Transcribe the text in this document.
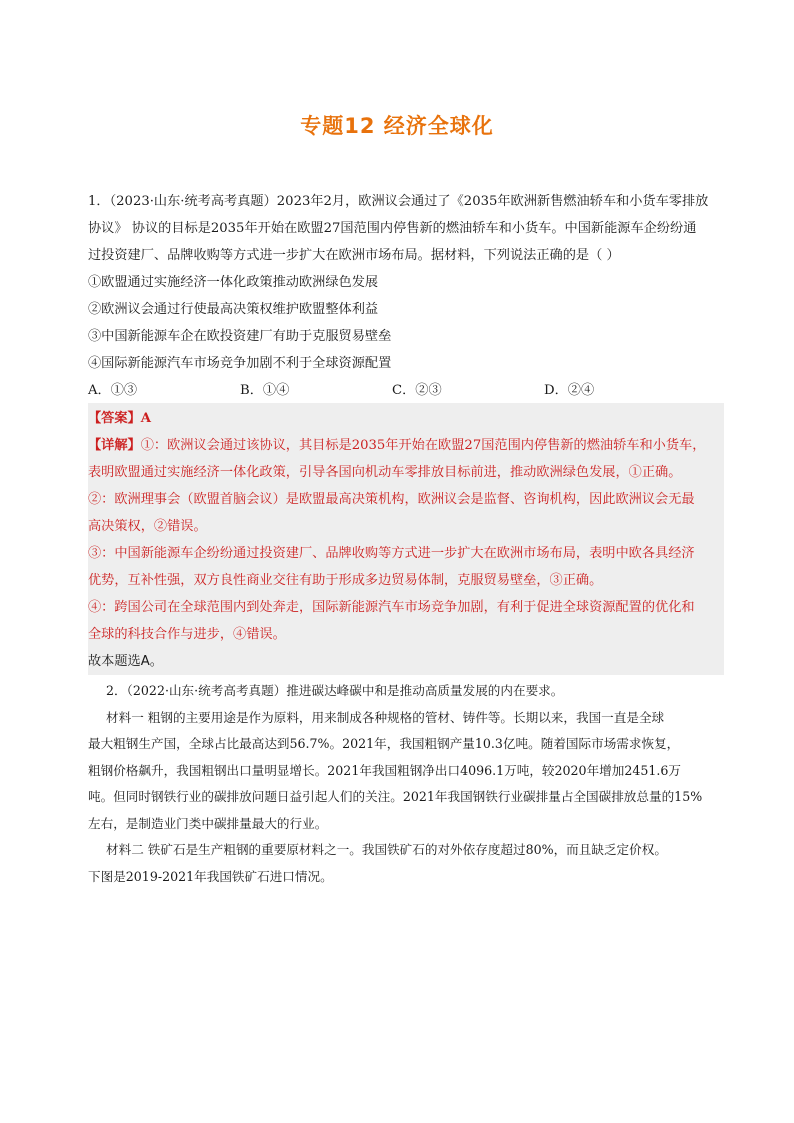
专题12 经济全球化
1．（2023·山东·统考高考真题）2023年2月，欧洲议会通过了《2035年欧洲新售燃油轿车和小货车零排放
协议》 协议的目标是2035年开始在欧盟27国范围内停售新的燃油轿车和小货车。中国新能源车企纷纷通
过投资建厂、品牌收购等方式进一步扩大在欧洲市场布局。据材料，下列说法正确的是（ ）
①欧盟通过实施经济一体化政策推动欧洲绿色发展
②欧洲议会通过行使最高决策权维护欧盟整体利益
③中国新能源车企在欧投资建厂有助于克服贸易壁垒
④国际新能源汽车市场竞争加剧不利于全球资源配置
A．①③	B．①④	C．②③	D．②④
【答案】A
【详解】①：欧洲议会通过该协议，其目标是2035年开始在欧盟27国范围内停售新的燃油轿车和小货车，
表明欧盟通过实施经济一体化政策，引导各国向机动车零排放目标前进，推动欧洲绿色发展，①正确。
②：欧洲理事会（欧盟首脑会议）是欧盟最高决策机构，欧洲议会是监督、咨询机构，因此欧洲议会无最
高决策权，②错误。
③：中国新能源车企纷纷通过投资建厂、品牌收购等方式进一步扩大在欧洲市场布局，表明中欧各具经济
优势，互补性强，双方良性商业交往有助于形成多边贸易体制，克服贸易壁垒，③正确。
④：跨国公司在全球范围内到处奔走，国际新能源汽车市场竞争加剧，有利于促进全球资源配置的优化和
全球的科技合作与进步，④错误。
故本题选A。
2．（2022·山东·统考高考真题）推进碳达峰碳中和是推动高质量发展的内在要求。
材料一 粗钢的主要用途是作为原料，用来制成各种规格的管材、铸件等。长期以来，我国一直是全球
最大粗钢生产国，全球占比最高达到56.7%。2021年，我国粗钢产量10.3亿吨。随着国际市场需求恢复，
粗钢价格飙升，我国粗钢出口量明显增长。2021年我国粗钢净出口4096.1万吨，较2020年增加2451.6万
吨。但同时钢铁行业的碳排放问题日益引起人们的关注。2021年我国钢铁行业碳排量占全国碳排放总量的15%
左右，是制造业门类中碳排量最大的行业。
材料二 铁矿石是生产粗钢的重要原材料之一。我国铁矿石的对外依存度超过80%，而且缺乏定价权。
下图是2019-2021年我国铁矿石进口情况。
